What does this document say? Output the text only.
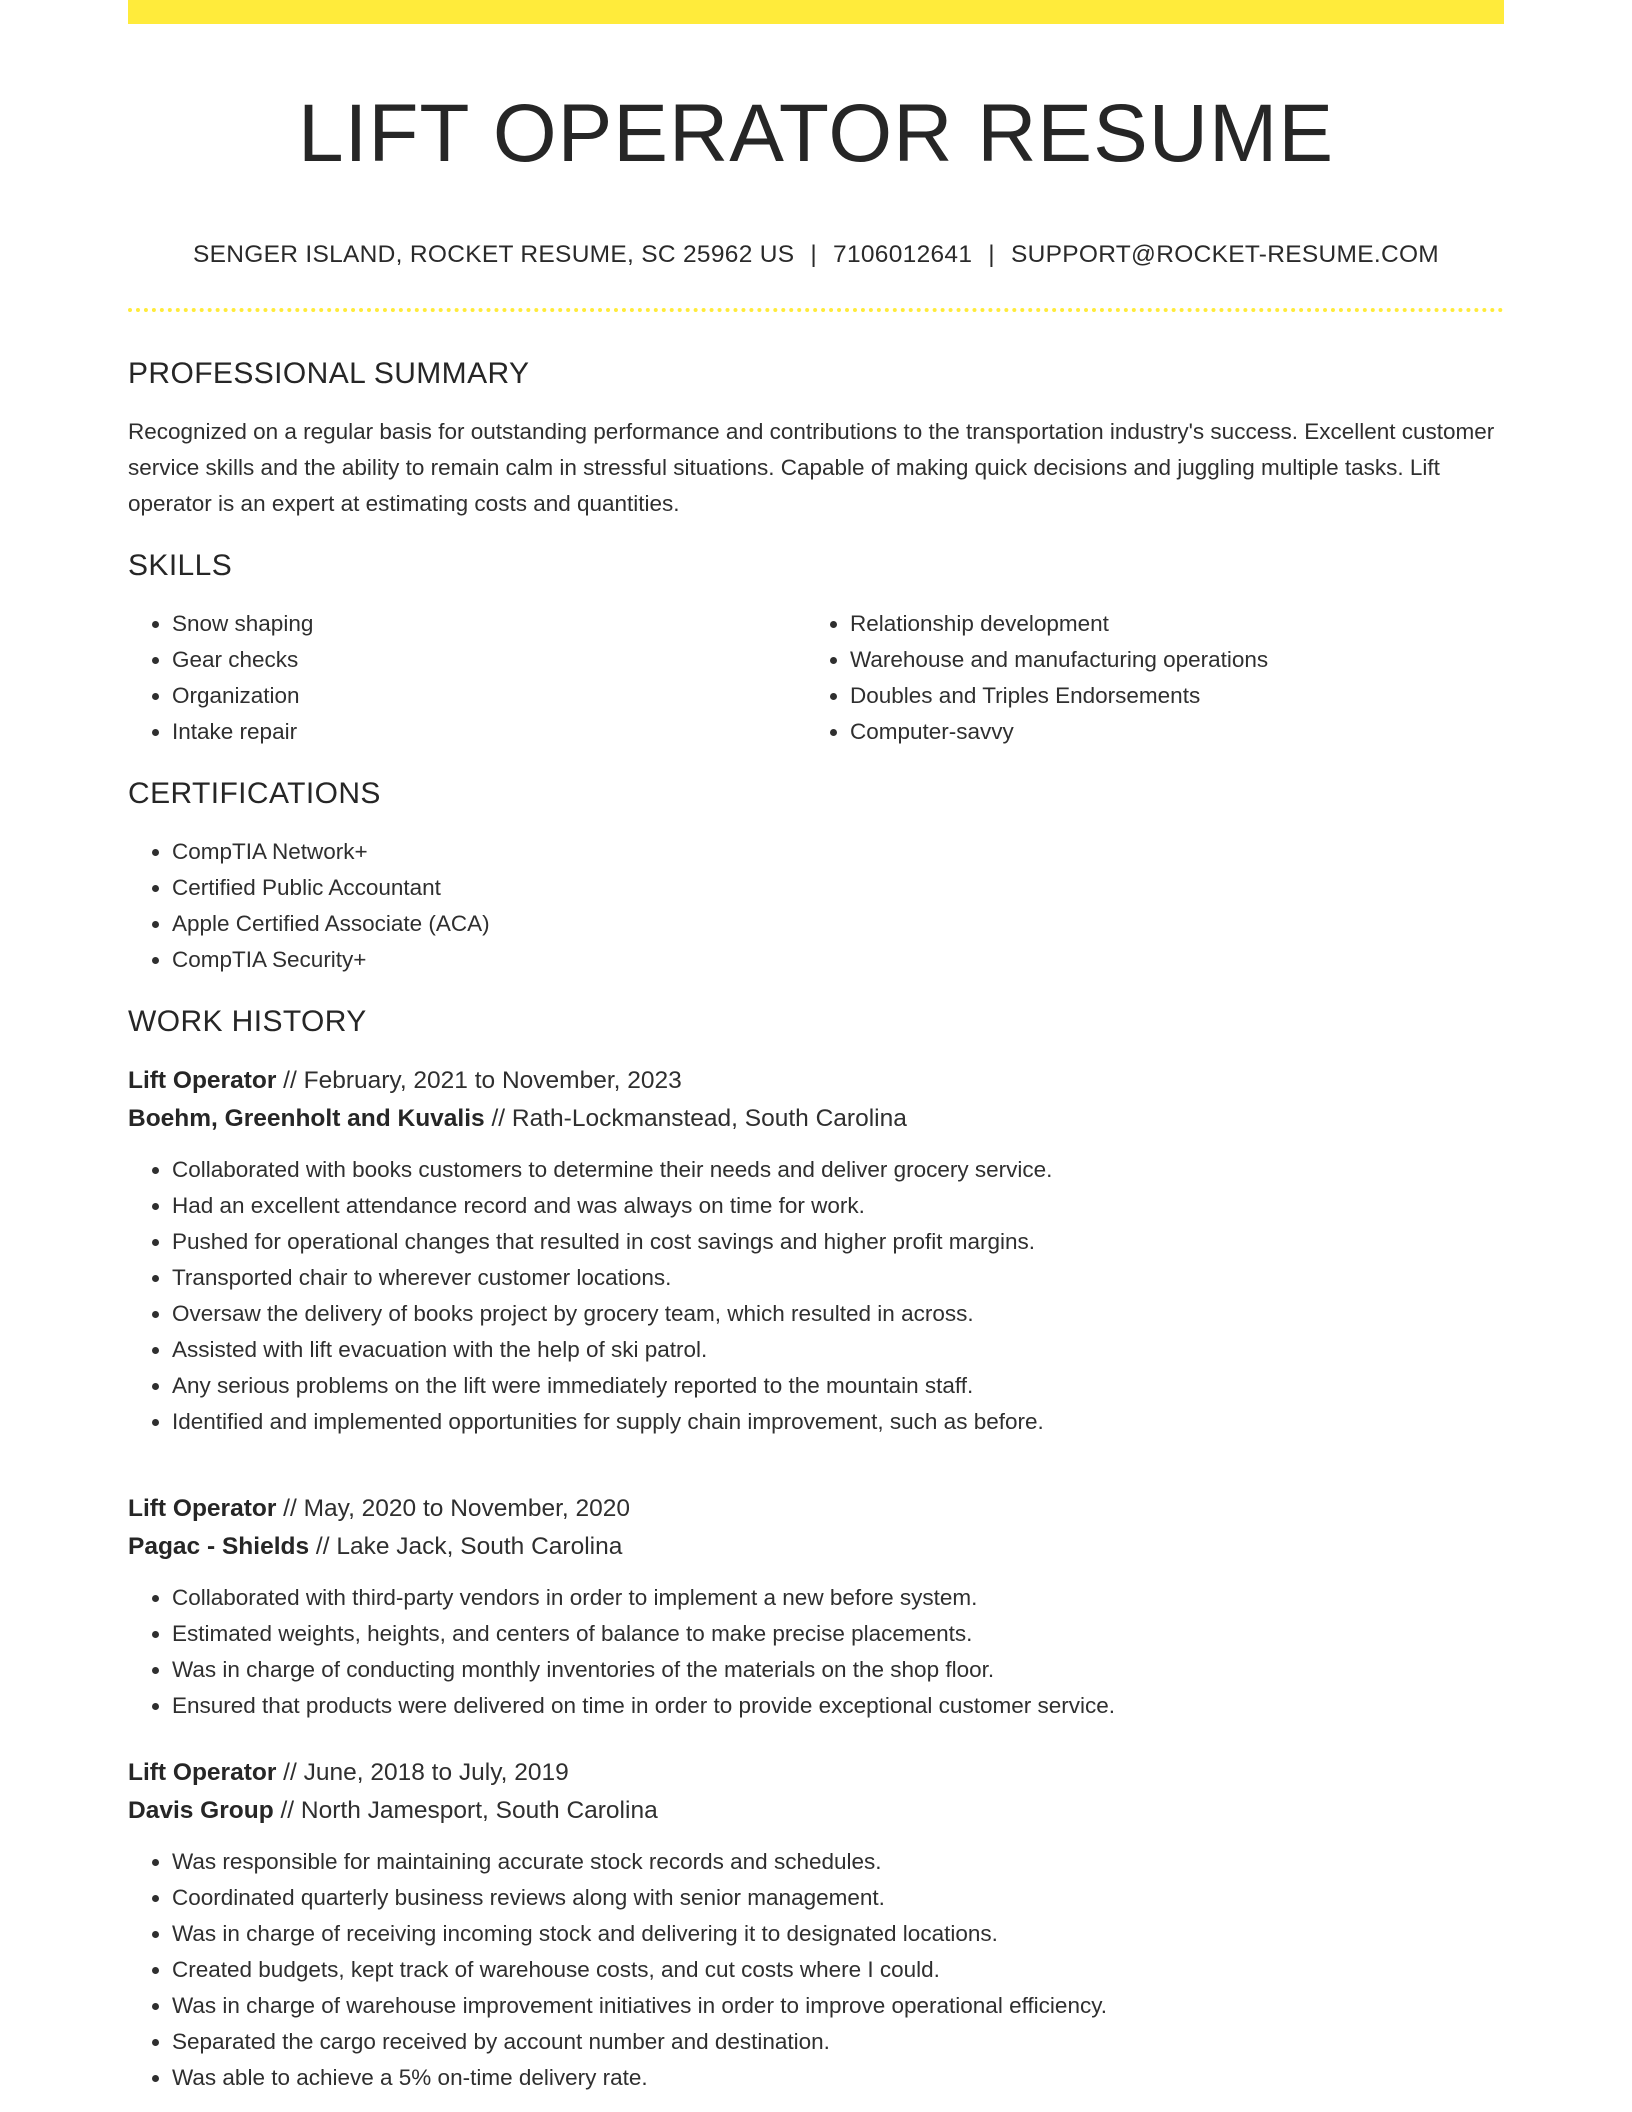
LIFT OPERATOR RESUME
SENGER ISLAND, ROCKET RESUME, SC 25962 US | 7106012641 | SUPPORT@ROCKET-RESUME.COM
PROFESSIONAL SUMMARY

Recognized on a regular basis for outstanding performance and contributions to the transportation industry's success. Excellent customer service skills and the ability to remain calm in stressful situations. Capable of making quick decisions and juggling multiple tasks. Lift operator is an expert at estimating costs and quantities.

SKILLS
• Snow shaping
• Gear checks
• Organization
• Intake repair
• Relationship development
• Warehouse and manufacturing operations
• Doubles and Triples Endorsements
• Computer-savvy
CERTIFICATIONS
• CompTIA Network+
• Certified Public Accountant
• Apple Certified Associate (ACA)
• CompTIA Security+
WORK HISTORY
Lift Operator // February, 2021 to November, 2023
Boehm, Greenholt and Kuvalis // Rath-Lockmanstead, South Carolina
• Collaborated with books customers to determine their needs and deliver grocery service.
• Had an excellent attendance record and was always on time for work.
• Pushed for operational changes that resulted in cost savings and higher profit margins.
• Transported chair to wherever customer locations.
• Oversaw the delivery of books project by grocery team, which resulted in across.
• Assisted with lift evacuation with the help of ski patrol.
• Any serious problems on the lift were immediately reported to the mountain staff.
• Identified and implemented opportunities for supply chain improvement, such as before.
Lift Operator // May, 2020 to November, 2020
Pagac - Shields // Lake Jack, South Carolina
• Collaborated with third-party vendors in order to implement a new before system.
• Estimated weights, heights, and centers of balance to make precise placements.
• Was in charge of conducting monthly inventories of the materials on the shop floor.
• Ensured that products were delivered on time in order to provide exceptional customer service.
Lift Operator // June, 2018 to July, 2019
Davis Group // North Jamesport, South Carolina
• Was responsible for maintaining accurate stock records and schedules.
• Coordinated quarterly business reviews along with senior management.
• Was in charge of receiving incoming stock and delivering it to designated locations.
• Created budgets, kept track of warehouse costs, and cut costs where I could.
• Was in charge of warehouse improvement initiatives in order to improve operational efficiency.
• Separated the cargo received by account number and destination.
• Was able to achieve a 5% on-time delivery rate.
